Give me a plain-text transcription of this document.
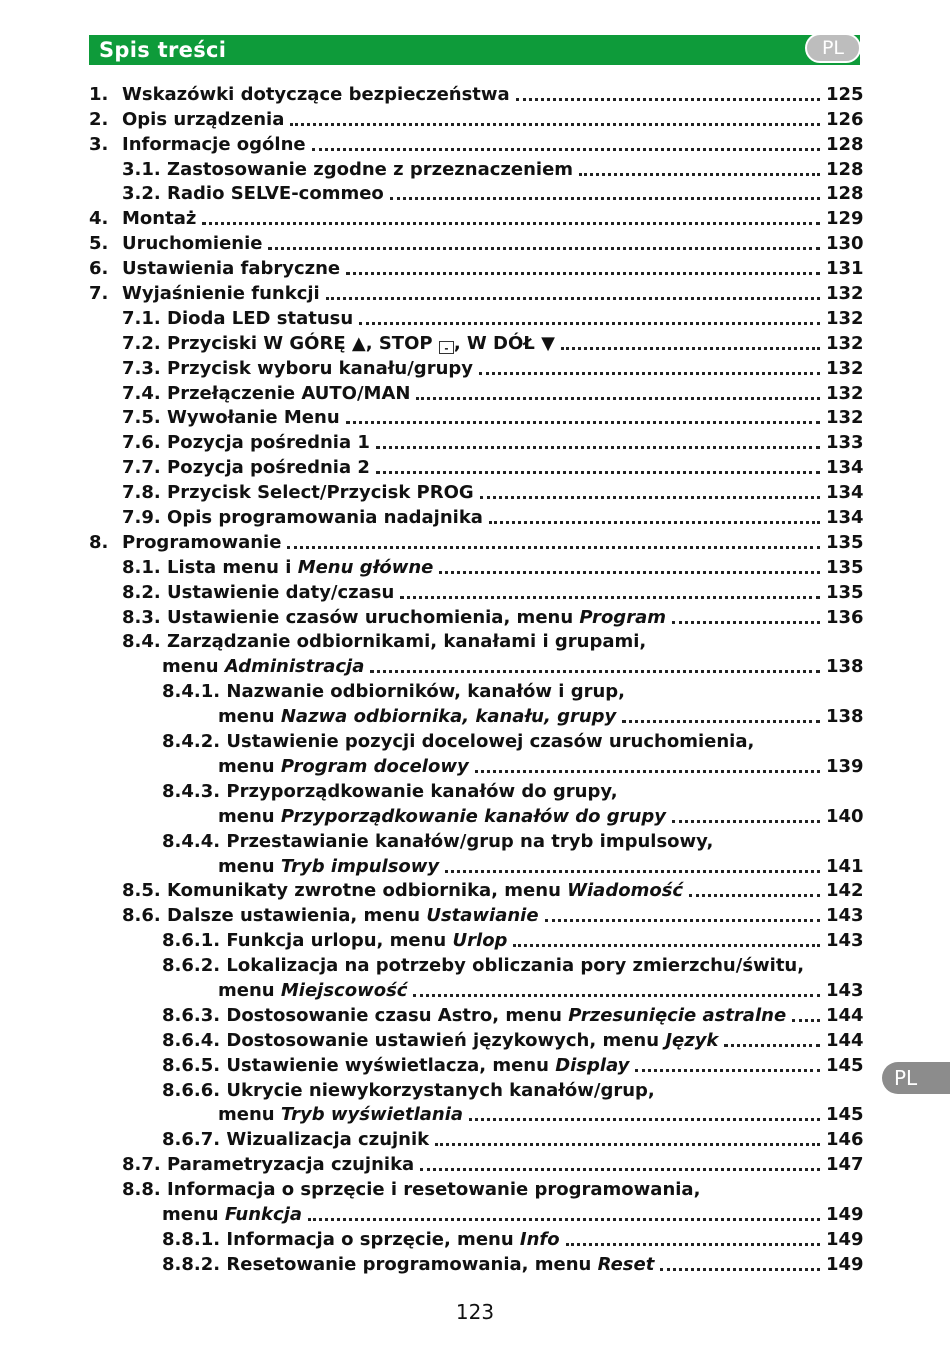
Spis treści	PL
1. Wskazówki dotyczące bezpieczeństwa	125
2. Opis urządzenia	126
3. Informacje ogólne	128
3.1. Zastosowanie zgodne z przeznaczeniem	128
3.2. Radio SELVE-commeo	128
4. Montaż	129
5. Uruchomienie	130
6. Ustawienia fabryczne	131
7. Wyjaśnienie funkcji	132
7.1. Dioda LED statusu	132
7.2. Przyciski W GÓRĘ ▲, STOP ▬ , W DÓŁ ▼	132
7.3. Przycisk wyboru kanału/grupy	132
7.4. Przełączenie AUTO/MAN	132
7.5. Wywołanie Menu	132
7.6. Pozycja pośrednia 1	133
7.7. Pozycja pośrednia 2	134
7.8. Przycisk Select/Przycisk PROG	134
7.9. Opis programowania nadajnika	134
8. Programowanie	135
8.1. Lista menu i Menu główne	135
8.2. Ustawienie daty/czasu	135
8.3. Ustawienie czasów uruchomienia, menu Program	136
8.4. Zarządzanie odbiornikami, kanałami i grupami,
menu Administracja	138
8.4.1. Nazwanie odbiorników, kanałów i grup,
menu Nazwa odbiornika, kanału, grupy	138
8.4.2. Ustawienie pozycji docelowej czasów uruchomienia,
menu Program docelowy	139
8.4.3. Przyporządkowanie kanałów do grupy,
menu Przyporządkowanie kanałów do grupy	140
8.4.4. Przestawianie kanałów/grup na tryb impulsowy,
menu Tryb impulsowy	141
8.5. Komunikaty zwrotne odbiornika, menu Wiadomość	142
8.6. Dalsze ustawienia, menu Ustawianie	143
8.6.1. Funkcja urlopu, menu Urlop	143
8.6.2. Lokalizacja na potrzeby obliczania pory zmierzchu/świtu,
menu Miejscowość	143
8.6.3. Dostosowanie czasu Astro, menu Przesunięcie astralne 144
8.6.4. Dostosowanie ustawień językowych, menu Język	144
8.6.5. Ustawienie wyświetlacza, menu Display	145
8.6.6. Ukrycie niewykorzystanych kanałów/grup,
menu Tryb wyświetlania	145
8.6.7. Wizualizacja czujnik	146
8.7. Parametryzacja czujnika	147
8.8. Informacja o sprzęcie i resetowanie programowania,
menu Funkcja	149
8.8.1. Informacja o sprzęcie, menu Info	149
8.8.2. Resetowanie programowania, menu Reset	149
PL
123
